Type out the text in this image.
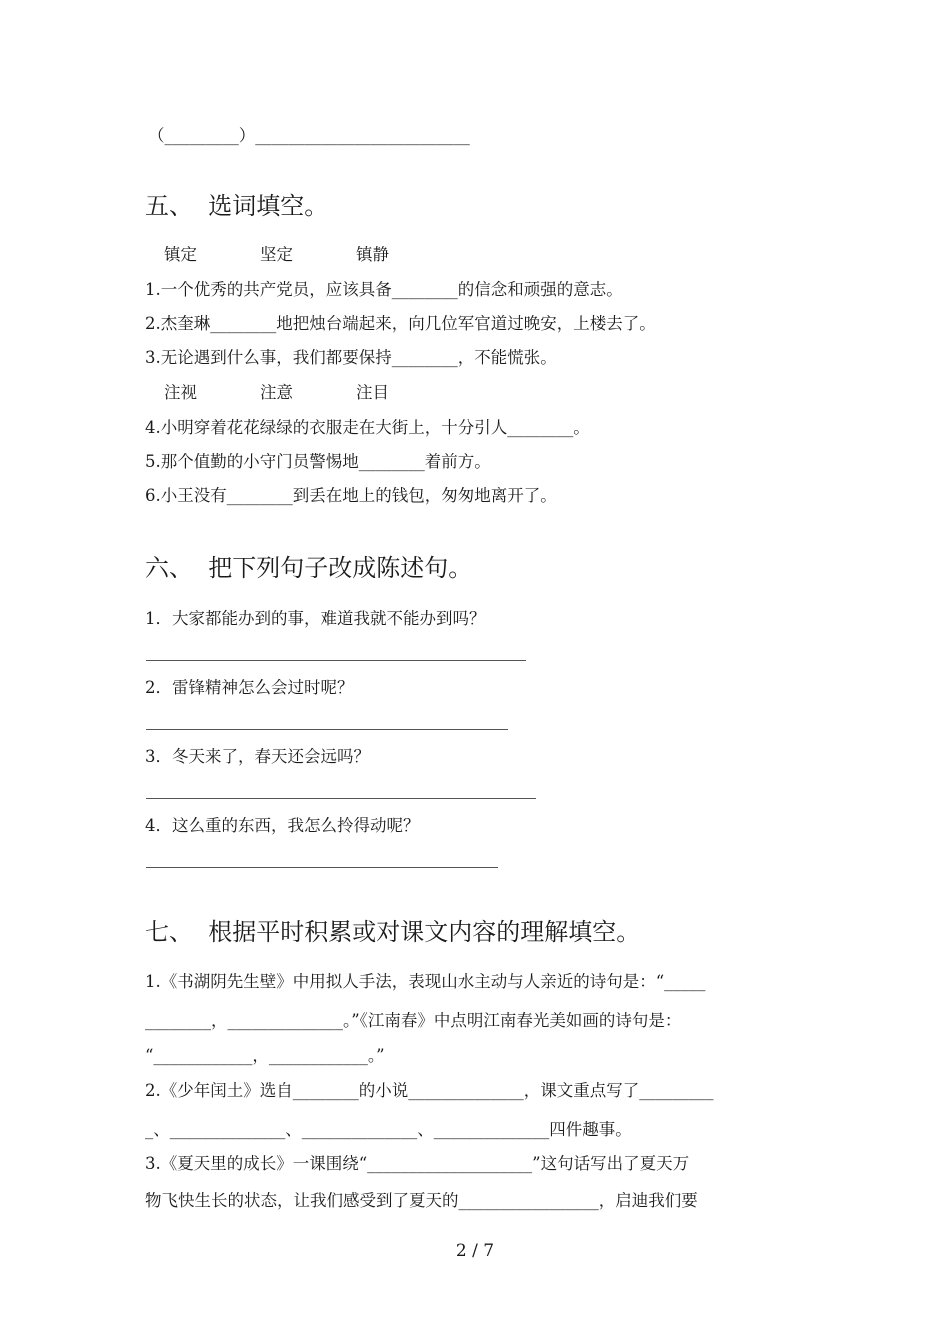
（_________）__________________________
五、  选词填空。
镇定	坚定	镇静
1.一个优秀的共产党员，应该具备________的信念和顽强的意志。
2.杰奎琳________地把烛台端起来，向几位军官道过晚安，上楼去了。
3.无论遇到什么事，我们都要保持________，不能慌张。
注视	注意	注目
4.小明穿着花花绿绿的衣服走在大街上，十分引人________。
5.那个值勤的小守门员警惕地________着前方。
6.小王没有________到丢在地上的钱包，匆匆地离开了。
六、  把下列句子改成陈述句。
1．大家都能办到的事，难道我就不能办到吗？
2．雷锋精神怎么会过时呢？
3．冬天来了，春天还会远吗？
4．这么重的东西，我怎么拎得动呢？
七、  根据平时积累或对课文内容的理解填空。
1.《书湖阴先生壁》中用拟人手法，表现山水主动与人亲近的诗句是：“_____
________，______________。”《江南春》中点明江南春光美如画的诗句是：
“____________，____________。”
2.《少年闰土》选自________的小说______________，课文重点写了_________
_、______________、______________、______________四件趣事。
3.《夏天里的成长》一课围绕“____________________”这句话写出了夏天万
物飞快生长的状态，让我们感受到了夏天的_________________，启迪我们要
2 / 7
